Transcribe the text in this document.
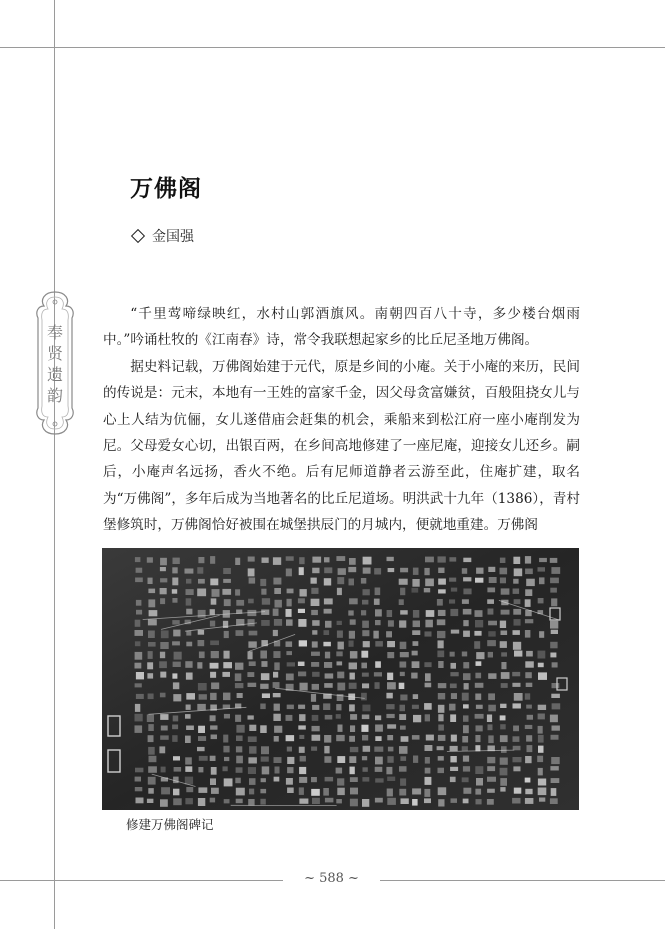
奉
贤
遗
韵
万佛阁
金国强

“千里莺啼绿映红，水村山郭酒旗风。南朝四百八十寺，多少楼台烟雨中。”吟诵杜牧的《江南春》诗，常令我联想起家乡的比丘尼圣地万佛阁。

据史料记载，万佛阁始建于元代，原是乡间的小庵。关于小庵的来历，民间的传说是：元末，本地有一王姓的富家千金，因父母贪富嫌贫，百般阻挠女儿与心上人结为伉俪，女儿遂借庙会赶集的机会，乘船来到松江府一座小庵削发为尼。父母爱女心切，出银百两，在乡间高地修建了一座尼庵，迎接女儿还乡。嗣后，小庵声名远扬，香火不绝。后有尼师道静者云游至此，住庵扩建，取名为“万佛阁”，多年后成为当地著名的比丘尼道场。明洪武十九年（1386），青村堡修筑时，万佛阁恰好被围在城堡拱辰门的月城内，便就地重建。万佛阁

修建万佛阁碑记
~ 588 ~
